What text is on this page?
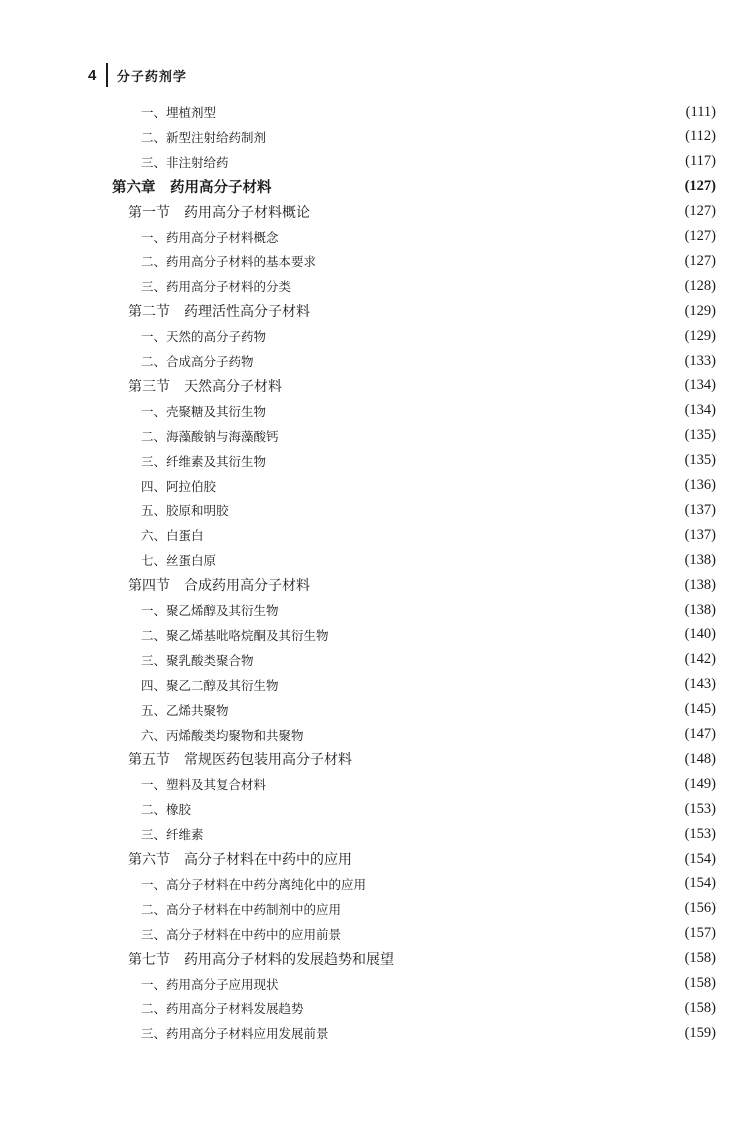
4 分子药剂学
一、埋植剂型	(111)
二、新型注射给药制剂	(112)
三、非注射给药	(117)
第六章　药用高分子材料	(127)
第一节　药用高分子材料概论	(127)
一、药用高分子材料概念	(127)
二、药用高分子材料的基本要求	(127)
三、药用高分子材料的分类	(128)
第二节　药理活性高分子材料	(129)
一、天然的高分子药物	(129)
二、合成高分子药物	(133)
第三节　天然高分子材料	(134)
一、壳聚糖及其衍生物	(134)
二、海藻酸钠与海藻酸钙	(135)
三、纤维素及其衍生物	(135)
四、阿拉伯胶	(136)
五、胶原和明胶	(137)
六、白蛋白	(137)
七、丝蛋白原	(138)
第四节　合成药用高分子材料	(138)
一、聚乙烯醇及其衍生物	(138)
二、聚乙烯基吡咯烷酮及其衍生物	(140)
三、聚乳酸类聚合物	(142)
四、聚乙二醇及其衍生物	(143)
五、乙烯共聚物	(145)
六、丙烯酸类均聚物和共聚物	(147)
第五节　常规医药包装用高分子材料	(148)
一、塑料及其复合材料	(149)
二、橡胶	(153)
三、纤维素	(153)
第六节　高分子材料在中药中的应用	(154)
一、高分子材料在中药分离纯化中的应用	(154)
二、高分子材料在中药制剂中的应用	(156)
三、高分子材料在中药中的应用前景	(157)
第七节　药用高分子材料的发展趋势和展望	(158)
一、药用高分子应用现状	(158)
二、药用高分子材料发展趋势	(158)
三、药用高分子材料应用发展前景	(159)
